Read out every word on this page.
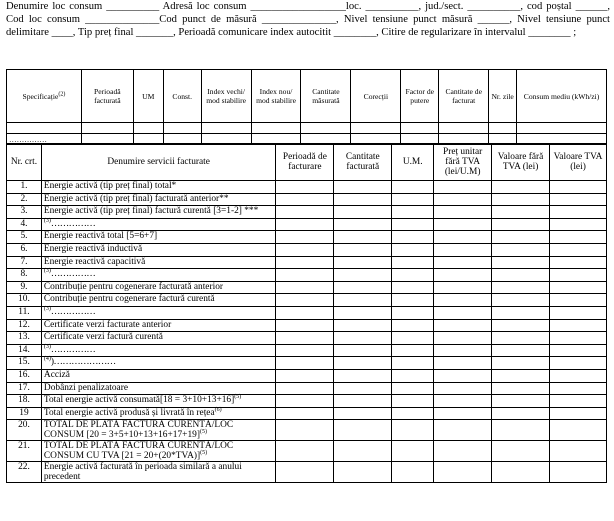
Denumire loc consum __________ Adresă loc consum __________________loc. __________, jud./sect. __________, cod poștal ______, Cod loc consum ______________Cod punct de măsură ______________, Nivel tensiune punct măsură ______, Nivel tensiune punct delimitare ____, Tip preț final _______, Perioadă comunicare index autocitit ________, Citire de regularizare în intervalul ________ ;
Specificație$^{(2)}$	Perioadă facturată	UM	Const.	Index vechi/ mod stabilire	Index nou/ mod stabilire	Cantitate măsurată	Corecții	Factor de putere	Cantitate de facturat	Nr. zile	Consum mediu (kWh/zi)

……………											
Nr. crt.	Denumire servicii facturate	Perioadă de facturare	Cantitate facturată	U.M.	Preț unitar fără TVA (lei/U.M)	Valoare fără TVA (lei)	Valoare TVA (lei)
1.	Energie activă (tip preț final) total*						
2.	Energie activă (tip preț final) facturată anterior**						
3.	Energie activă (tip preț final) factură curentă [3=1-2] ***						
4.	$^{(3)}$……………						
5.	Energie reactivă total [5=6+7]						
6.	Energie reactivă inductivă						
7.	Energie reactivă capacitivă						
8.	$^{(3)}$……………						
9.	Contribuție pentru cogenerare facturată anterior						
10.	Contribuție pentru cogenerare factură curentă						
11.	$^{(3)}$……………						
12.	Certificate verzi facturate anterior						
13.	Certificate verzi factură curentă						
14.	$^{(3)}$……………						
15.	$^{(4)}$)…………………						
16.	Acciză						
17.	Dobânzi penalizatoare						
18.	Total energie activă consumată[18 = 3+10+13+16]$^{(5)}$						
19	Total energie activă produsă și livrată în rețea$^{(6)}$						
20.	TOTAL DE PLATĂ FACTURĂ CURENTĂ/LOC CONSUM [20 = 3+5+10+13+16+17+19]$^{(5)}$						
21.	TOTAL DE PLATĂ FACTURĂ CURENTĂ/LOC CONSUM CU TVA [21 = 20+(20*TVA)]$^{(5)}$						
22.	Energie activă facturată în perioada similară a anului precedent						
